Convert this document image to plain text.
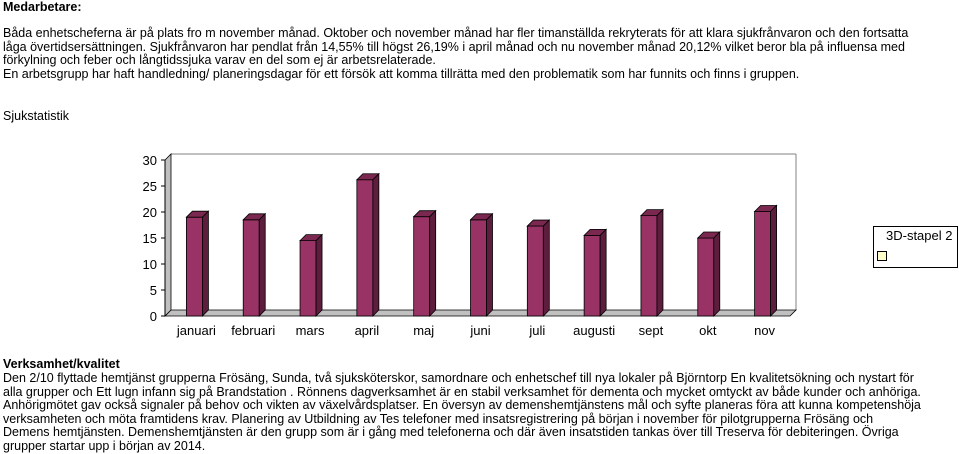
Medarbetare:
Båda enhetscheferna är på plats fro m november månad. Oktober och november månad har fler timanställda rekryterats för att klara sjukfrånvaron och den fortsatta
låga övertidsersättningen. Sjukfrånvaron har pendlat från 14,55% till högst 26,19% i april månad och nu november månad 20,12% vilket beror bla på influensa med
förkylning och feber och långtidssjuka varav en del som ej är arbetsrelaterade.
En arbetsgrupp har haft handledning/ planeringsdagar för ett försök att komma tillrätta med den problematik som har funnits och finns i gruppen.
Sjukstatistik
0
5
10
15
20
25
30
januari februari mars april	maj	juni	juli augusti sept	okt	nov
3D-stapel 2
Verksamhet/kvalitet
Den 2/10 flyttade hemtjänst grupperna Frösäng, Sunda, två sjuksköterskor, samordnare och enhetschef till nya lokaler på Björntorp En kvalitetsökning och nystart för
alla grupper och Ett lugn infann sig på Brandstation . Rönnens dagverksamhet är en stabil verksamhet för dementa och mycket omtyckt av både kunder och anhöriga.
Anhörigmötet gav också signaler på behov och vikten av växelvårdsplatser. En översyn av demenshemtjänstens mål och syfte planeras föra att kunna kompetenshöja
verksamheten och möta framtidens krav. Planering av Utbildning av Tes telefoner med insatsregistrering på början i november för pilotgrupperna Frösäng och
Demens hemtjänsten. Demenshemtjänsten är den grupp som är i gång med telefonerna och där även insatstiden tankas över till Treserva för debiteringen. Övriga
grupper startar upp i början av 2014.
